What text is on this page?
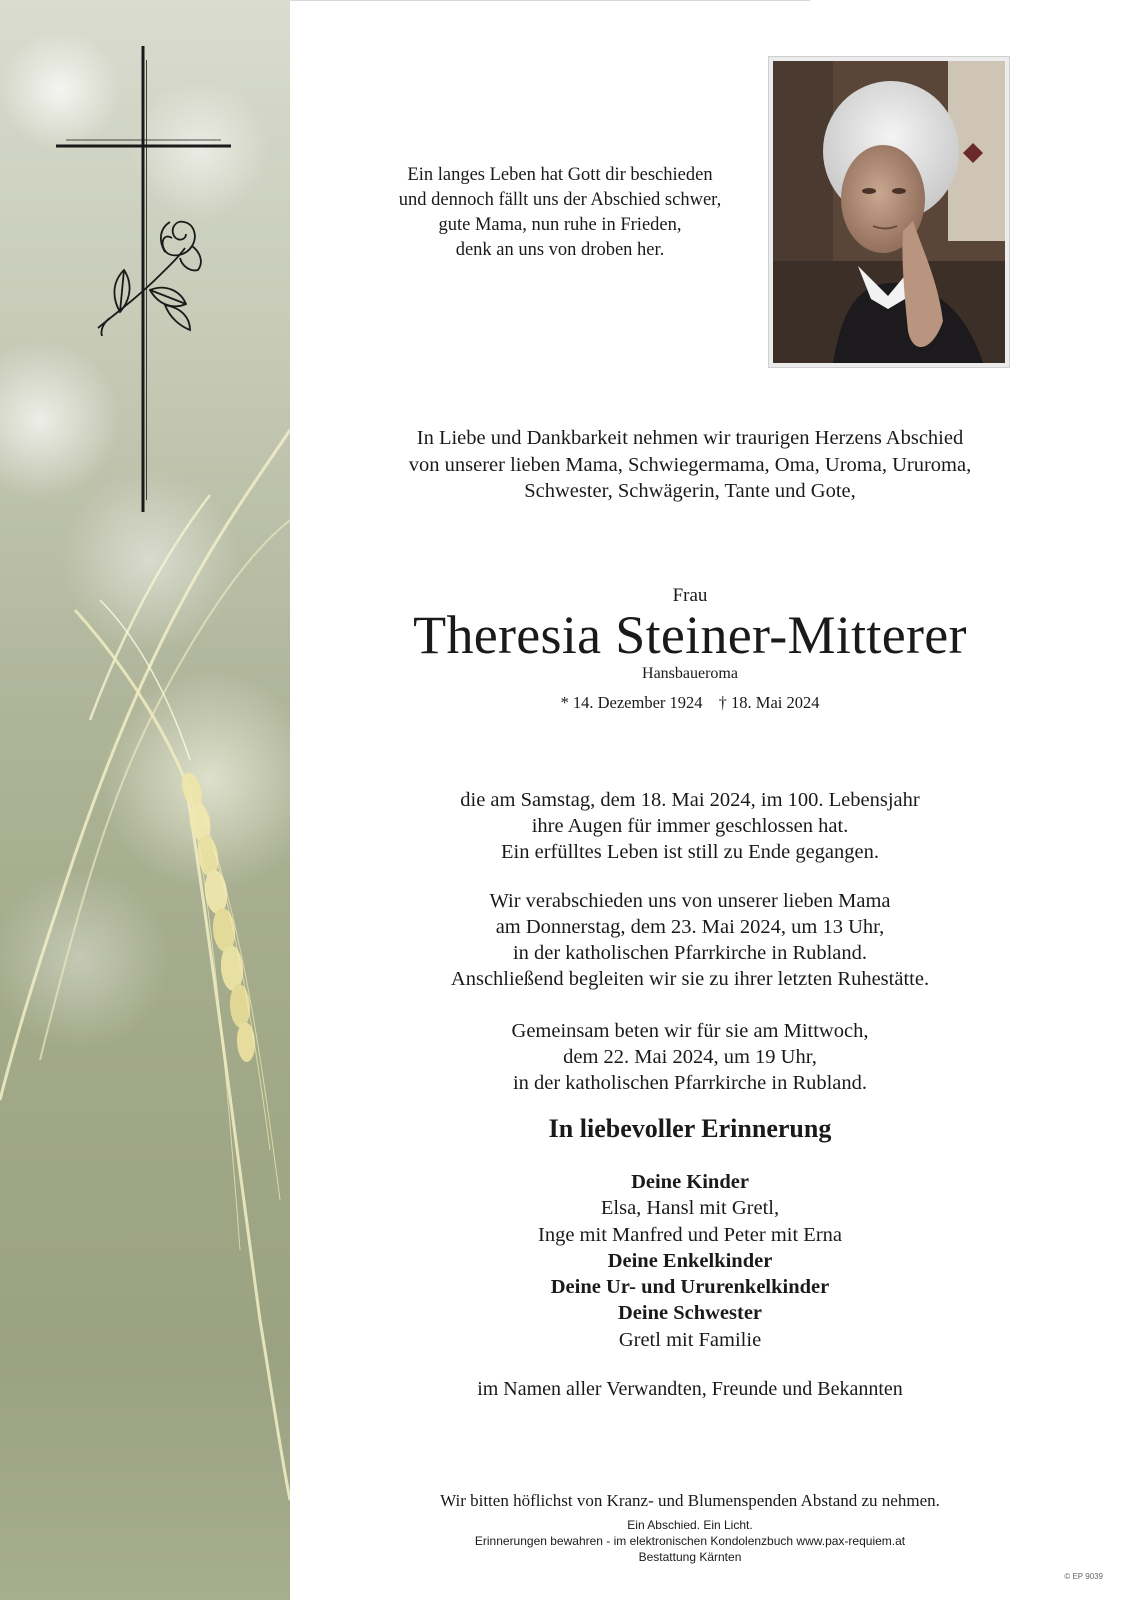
Ein langes Leben hat Gott dir beschieden
und dennoch fällt uns der Abschied schwer,
gute Mama, nun ruhe in Frieden,
denk an uns von droben her.
In Liebe und Dankbarkeit nehmen wir traurigen Herzens Abschied
von unserer lieben Mama, Schwiegermama, Oma, Uroma, Ururoma,
Schwester, Schwägerin, Tante und Gote,
Frau
Theresia Steiner-Mitterer
Hansbaueroma
* 14. Dezember 1924 † 18. Mai 2024
die am Samstag, dem 18. Mai 2024, im 100. Lebensjahr
ihre Augen für immer geschlossen hat.
Ein erfülltes Leben ist still zu Ende gegangen.
Wir verabschieden uns von unserer lieben Mama
am Donnerstag, dem 23. Mai 2024, um 13 Uhr,
in der katholischen Pfarrkirche in Rubland.
Anschließend begleiten wir sie zu ihrer letzten Ruhestätte.
Gemeinsam beten wir für sie am Mittwoch,
dem 22. Mai 2024, um 19 Uhr,
in der katholischen Pfarrkirche in Rubland.
In liebevoller Erinnerung
Deine Kinder
Elsa, Hansl mit Gretl,
Inge mit Manfred und Peter mit Erna
Deine Enkelkinder
Deine Ur- und Ururenkelkinder
Deine Schwester
Gretl mit Familie
im Namen aller Verwandten, Freunde und Bekannten
Wir bitten höflichst von Kranz- und Blumenspenden Abstand zu nehmen.
Ein Abschied. Ein Licht.
Erinnerungen bewahren - im elektronischen Kondolenzbuch www.pax-requiem.at
Bestattung Kärnten
© EP 9039
